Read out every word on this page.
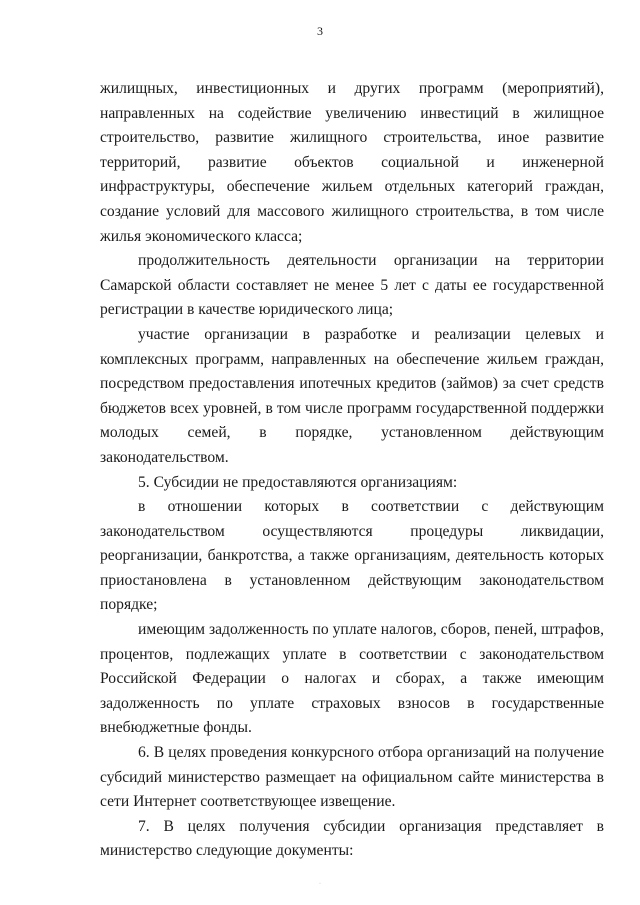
3

жилищных, инвестиционных и других программ (мероприятий), направленных на содействие увеличению инвестиций в жилищное строительство, развитие жилищного строительства, иное развитие территорий, развитие объектов социальной и инженерной инфраструктуры, обеспечение жильем отдельных категорий граждан, создание условий для массового жилищного строительства, в том числе жилья экономического класса;

продолжительность деятельности организации на территории Самарской области составляет не менее 5 лет с даты ее государственной регистрации в качестве юридического лица;

участие организации в разработке и реализации целевых и комплексных программ, направленных на обеспечение жильем граждан, посредством предоставления ипотечных кредитов (займов) за счет средств бюджетов всех уровней, в том числе программ государственной поддержки молодых семей, в порядке, установленном действующим законодательством.

5. Субсидии не предоставляются организациям:

в отношении которых в соответствии с действующим законодательством осуществляются процедуры ликвидации, реорганизации, банкротства, а также организациям, деятельность которых приостановлена в установленном действующим законодательством порядке;

имеющим задолженность по уплате налогов, сборов, пеней, штрафов, процентов, подлежащих уплате в соответствии с законодательством Российской Федерации о налогах и сборах, а также имеющим задолженность по уплате страховых взносов в государственные внебюджетные фонды.

6. В целях проведения конкурсного отбора организаций на получение субсидий министерство размещает на официальном сайте министерства в сети Интернет соответствующее извещение.

7. В целях получения субсидии организация представляет в министерство следующие документы:

·
